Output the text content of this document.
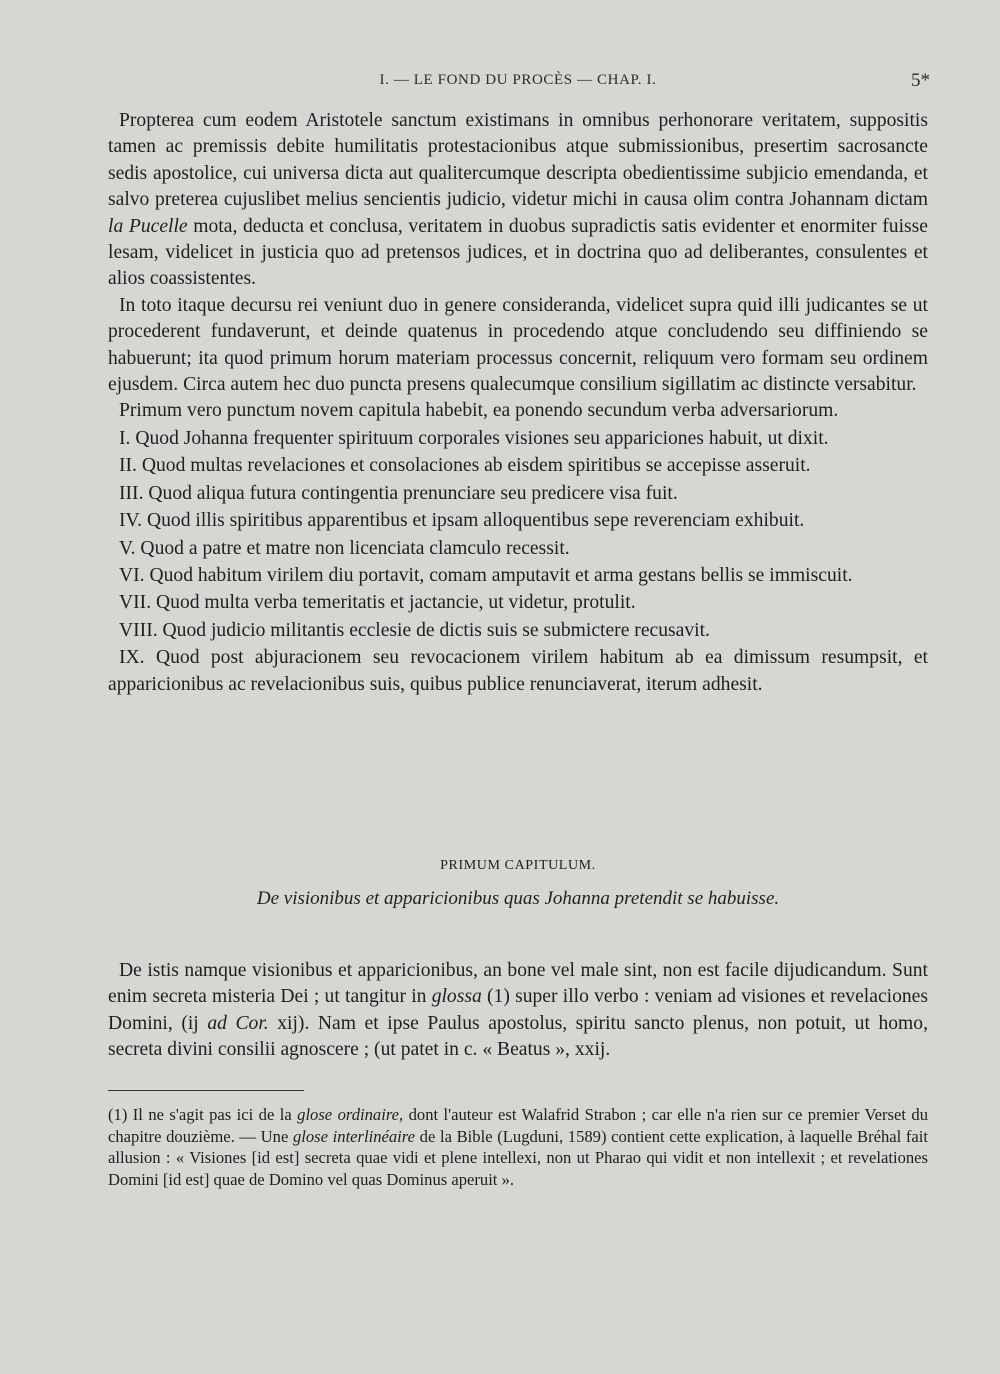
I. — LE FOND DU PROCÈS — CHAP. I.	5*

Propterea cum eodem Aristotele sanctum existimans in omnibus perhonorare veritatem, suppositis tamen ac premissis debite humilitatis protestacionibus atque submissionibus, presertim sacrosancte sedis apostolice, cui universa dicta aut qualitercumque descripta obedientissime subjicio emendanda, et salvo preterea cujuslibet melius sencientis judicio, videtur michi in causa olim contra Johannam dictam la Pucelle mota, deducta et conclusa, veritatem in duobus supradictis satis evidenter et enormiter fuisse lesam, videlicet in justicia quo ad pretensos judices, et in doctrina quo ad deliberantes, consulentes et alios coassistentes.

In toto itaque decursu rei veniunt duo in genere consideranda, videlicet supra quid illi judicantes se ut procederent fundaverunt, et deinde quatenus in procedendo atque concludendo seu diffiniendo se habuerunt; ita quod primum horum materiam processus concernit, reliquum vero formam seu ordinem ejusdem. Circa autem hec duo puncta presens qualecumque consilium sigillatim ac distincte versabitur.

Primum vero punctum novem capitula habebit, ea ponendo secundum verba adversariorum.

I. Quod Johanna frequenter spirituum corporales visiones seu appariciones habuit, ut dixit.

II. Quod multas revelaciones et consolaciones ab eisdem spiritibus se accepisse asseruit.

III. Quod aliqua futura contingentia prenunciare seu predicere visa fuit.

IV. Quod illis spiritibus apparentibus et ipsam alloquentibus sepe reverenciam exhibuit.

V. Quod a patre et matre non licenciata clamculo recessit.

VI. Quod habitum virilem diu portavit, comam amputavit et arma gestans bellis se immiscuit.

VII. Quod multa verba temeritatis et jactancie, ut videtur, protulit.

VIII. Quod judicio militantis ecclesie de dictis suis se submictere recusavit.

IX. Quod post abjuracionem seu revocacionem virilem habitum ab ea dimissum resumpsit, et apparicionibus ac revelacionibus suis, quibus publice renunciaverat, iterum adhesit.

PRIMUM CAPITULUM.
De visionibus et apparicionibus quas Johanna pretendit se habuisse.

De istis namque visionibus et apparicionibus, an bone vel male sint, non est facile dijudicandum. Sunt enim secreta misteria Dei ; ut tangitur in glossa (1) super illo verbo : veniam ad visiones et revelaciones Domini, (ij ad Cor. xij). Nam et ipse Paulus apostolus, spiritu sancto plenus, non potuit, ut homo, secreta divini consilii agnoscere ; (ut patet in c. « Beatus », xxij.

(1) Il ne s'agit pas ici de la glose ordinaire, dont l'auteur est Walafrid Strabon ; car elle n'a rien sur ce premier Verset du chapitre douzième. — Une glose interlinéaire de la Bible (Lugduni, 1589) contient cette explication, à laquelle Bréhal fait allusion : « Visiones [id est] secreta quae vidi et plene intellexi, non ut Pharao qui vidit et non intellexit ; et revelationes Domini [id est] quae de Domino vel quas Dominus aperuit ».
